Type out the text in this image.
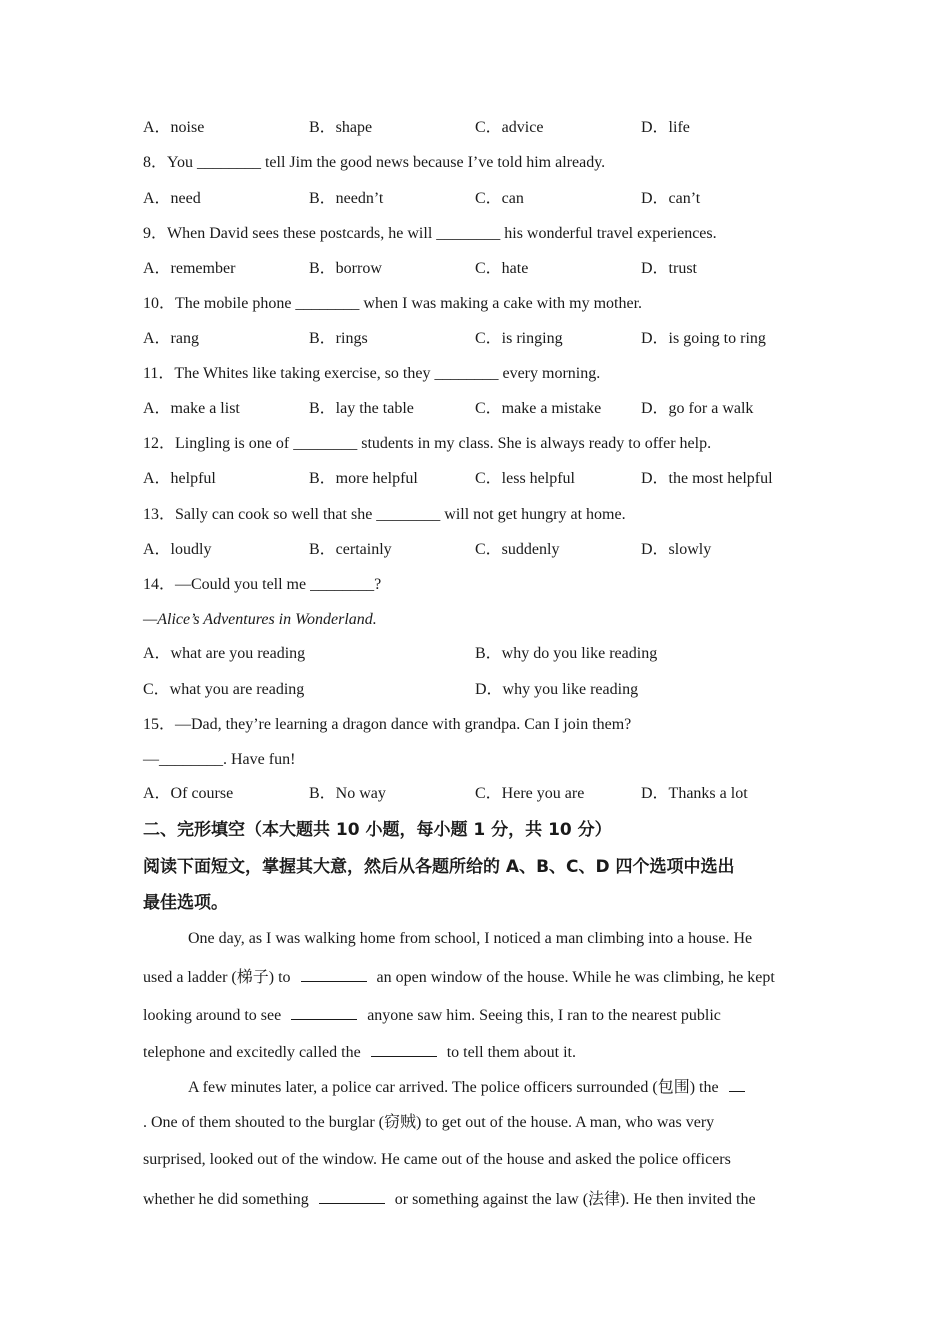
A．noise	B．shape	C．advice	D．life
8．You ________ tell Jim the good news because I’ve told him already.
A．need	B．needn’t	C．can	D．can’t
9．When David sees these postcards, he will ________ his wonderful travel experiences.
A．remember	B．borrow	C．hate	D．trust
10．The mobile phone ________ when I was making a cake with my mother.
A．rang	B．rings	C．is ringing	D．is going to ring
11．The Whites like taking exercise, so they ________ every morning.
A．make a list	B．lay the table	C．make a mistake D．go for a walk
12．Lingling is one of ________ students in my class. She is always ready to offer help.
A．helpful	B．more helpful	C．less helpful	D．the most helpful
13．Sally can cook so well that she ________ will not get hungry at home.
A．loudly	B．certainly	C．suddenly	D．slowly
14．—Could you tell me ________?
—Alice’s Adventures in Wonderland.
A．what are you reading	B．why do you like reading
C．what you are reading	D．why you like reading
15．—Dad, they’re learning a dragon dance with grandpa. Can I join them?
—________. Have fun!
A．Of course	B．No way	C．Here you are	D．Thanks a lot
二、完形填空（本大题共 10 小题，每小题 1 分，共 10 分）
阅读下面短文，掌握其大意，然后从各题所给的 A、B、C、D 四个选项中选出
最佳选项。
One day, as I was walking home from school, I noticed a man climbing into a house. He
used a ladder (梯子) to	an open window of the house. While he was climbing, he kept
looking around to see	anyone saw him. Seeing this, I ran to the nearest public
telephone and excitedly called the	to tell them about it.
A few minutes later, a police car arrived. The police officers surrounded (包围) the
. One of them shouted to the burglar (窃贼) to get out of the house. A man, who was very
surprised, looked out of the window. He came out of the house and asked the police officers
whether he did something	or something against the law (法律). He then invited the
